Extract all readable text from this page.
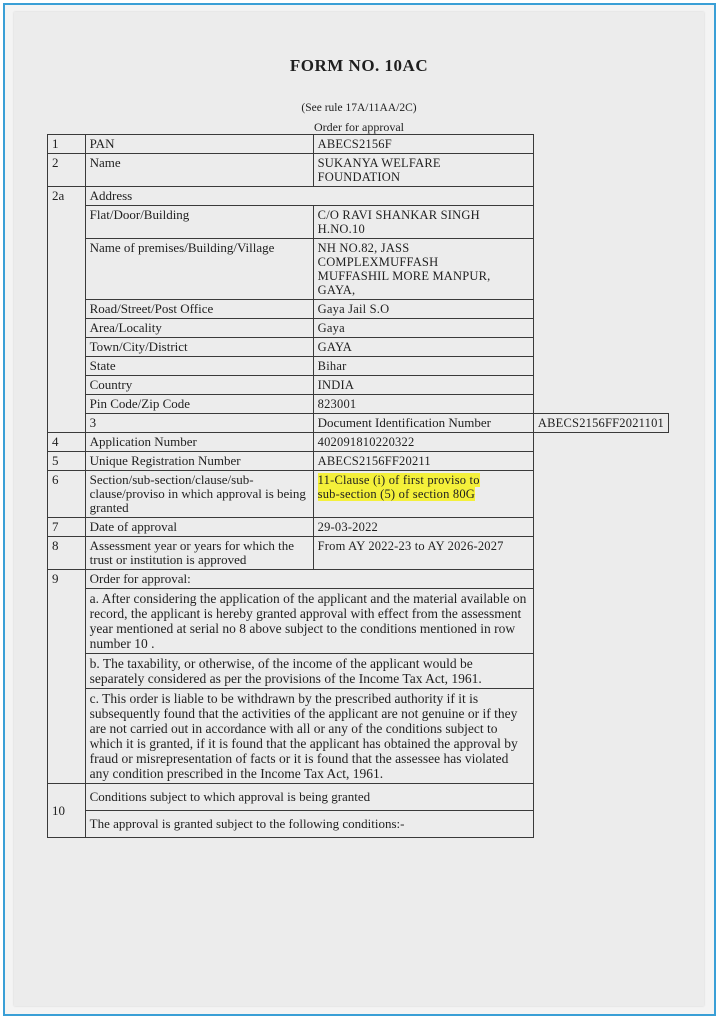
FORM NO. 10AC
(See rule 17A/11AA/2C)
Order for approval
1	PAN	ABECS2156F	
2	Name	SUKANYA WELFARE
FOUNDATION	

2a	Address		
	Flat/Door/Building	C/O RAVI SHANKAR SINGH
H.NO.10	

	Name of premises/Building/Village	NH NO.82, JASS
COMPLEXMUFFASH
MUFFASHIL MORE MANPUR,
GAYA,	

	Road/Street/Post Office	Gaya Jail S.O	
	Area/Locality	Gaya	
	Town/City/District	GAYA	
	State	Bihar	
	Country	INDIA	
	Pin Code/Zip Code	823001	
	3	Document Identification Number	ABECS2156FF2021101
4	Application Number	402091810220322	
5	Unique Registration Number	ABECS2156FF20211	
6	Section/sub-section/clause/sub-clause/proviso in which approval is being granted	11-Clause (i) of first proviso to
sub-section (5) of section 80G	
7	Date of approval	29-03-2022	
8	Assessment year or years for which the trust or institution is approved	From AY 2022-23 to AY 2026-2027	
9	Order for approval:		
	a. After considering the application of the applicant and the material available on record, the applicant is hereby granted approval with effect from the assessment year mentioned at serial no 8 above subject to the conditions mentioned in row number 10 .		
	b. The taxability, or otherwise, of the income of the applicant would be separately considered as per the provisions of the Income Tax Act, 1961.		
	c. This order is liable to be withdrawn by the prescribed authority if it is subsequently found that the activities of the applicant are not genuine or if they are not carried out in accordance with all or any of the conditions subject to which it is granted, if it is found that the applicant has obtained the approval by fraud or misrepresentation of facts or it is found that the assessee has violated any condition prescribed in the Income Tax Act, 1961.		
10	Conditions subject to which approval is being granted		
	The approval is granted subject to the following conditions:-		
